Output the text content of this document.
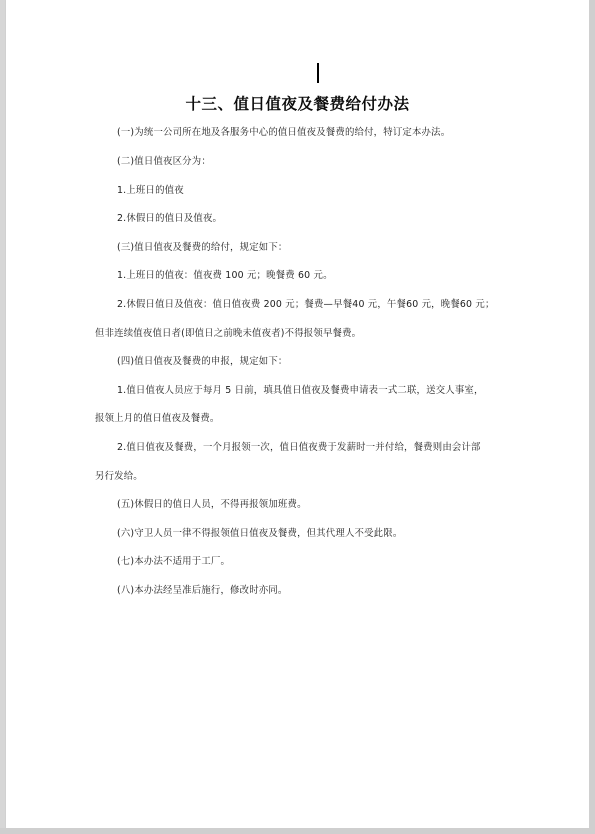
十三、值日值夜及餐费给付办法
(一)为统一公司所在地及各服务中心的值日值夜及餐费的给付，特订定本办法。
(二)值日值夜区分为：
1.上班日的值夜
2.休假日的值日及值夜。
(三)值日值夜及餐费的给付，规定如下：
1.上班日的值夜：值夜费 100 元；晚餐费 60 元。
2.休假日值日及值夜：值日值夜费 200 元；餐费—早餐40 元，午餐60 元，晚餐60 元；
但非连续值夜值日者(即值日之前晚未值夜者)不得报领早餐费。
(四)值日值夜及餐费的申报，规定如下：
1.值日值夜人员应于每月 5 日前，填具值日值夜及餐费申请表一式二联，送交人事室，
报领上月的值日值夜及餐费。
2.值日值夜及餐费，一个月报领一次，值日值夜费于发薪时一并付给，餐费则由会计部
另行发给。
(五)休假日的值日人员，不得再报领加班费。
(六)守卫人员一律不得报领值日值夜及餐费，但其代理人不受此限。
(七)本办法不适用于工厂。
(八)本办法经呈准后施行，修改时亦同。
